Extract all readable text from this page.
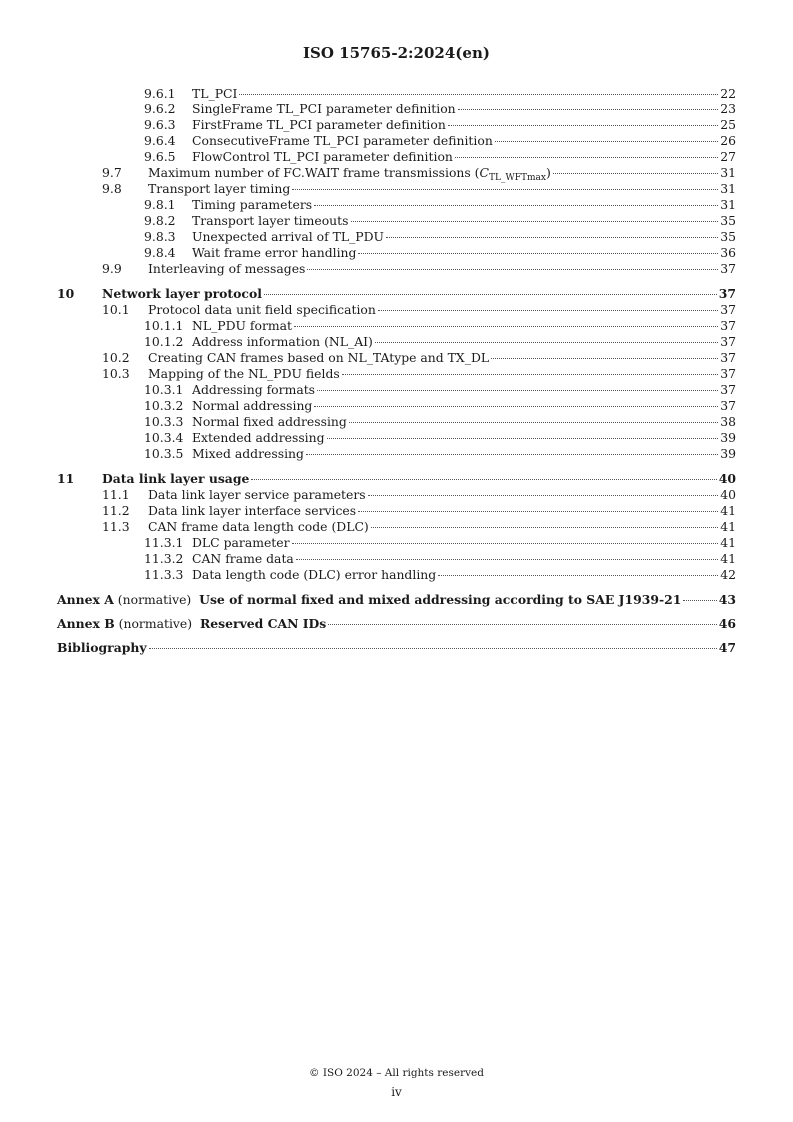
ISO 15765-2:2024(en)
9.6.1	TL_PCI	22
9.6.2	SingleFrame TL_PCI parameter definition	23
9.6.3	FirstFrame TL_PCI parameter definition	25
9.6.4	ConsecutiveFrame TL_PCI parameter definition	26
9.6.5	FlowControl TL_PCI parameter definition	27
9.7	Maximum number of FC.WAIT frame transmissions $(C_{TL\_WFTmax})$	31
9.8	Transport layer timing	31
9.8.1	Timing parameters	31
9.8.2	Transport layer timeouts	35
9.8.3	Unexpected arrival of TL_PDU	35
9.8.4	Wait frame error handling	36
9.9	Interleaving of messages	37
10	Network layer protocol	37
10.1	Protocol data unit field specification	37
10.1.1 NL_PDU format	37
10.1.2 Address information (NL_AI)	37
10.2	Creating CAN frames based on NL_TAtype and TX_DL	37
10.3	Mapping of the NL_PDU fields	37
10.3.1 Addressing formats	37
10.3.2 Normal addressing	37
10.3.3 Normal fixed addressing	38
10.3.4 Extended addressing	39
10.3.5 Mixed addressing	39
11	Data link layer usage	40
11.1	Data link layer service parameters	40
11.2	Data link layer interface services	41
11.3	CAN frame data length code (DLC)	41
11.3.1 DLC parameter	41
11.3.2 CAN frame data	41
11.3.3 Data length code (DLC) error handling	42
Annex A (normative) Use of normal fixed and mixed addressing according to SAE J1939-21	43
Annex B (normative) Reserved CAN IDs	46
Bibliography	47
© ISO 2024 – All rights reserved
iv
